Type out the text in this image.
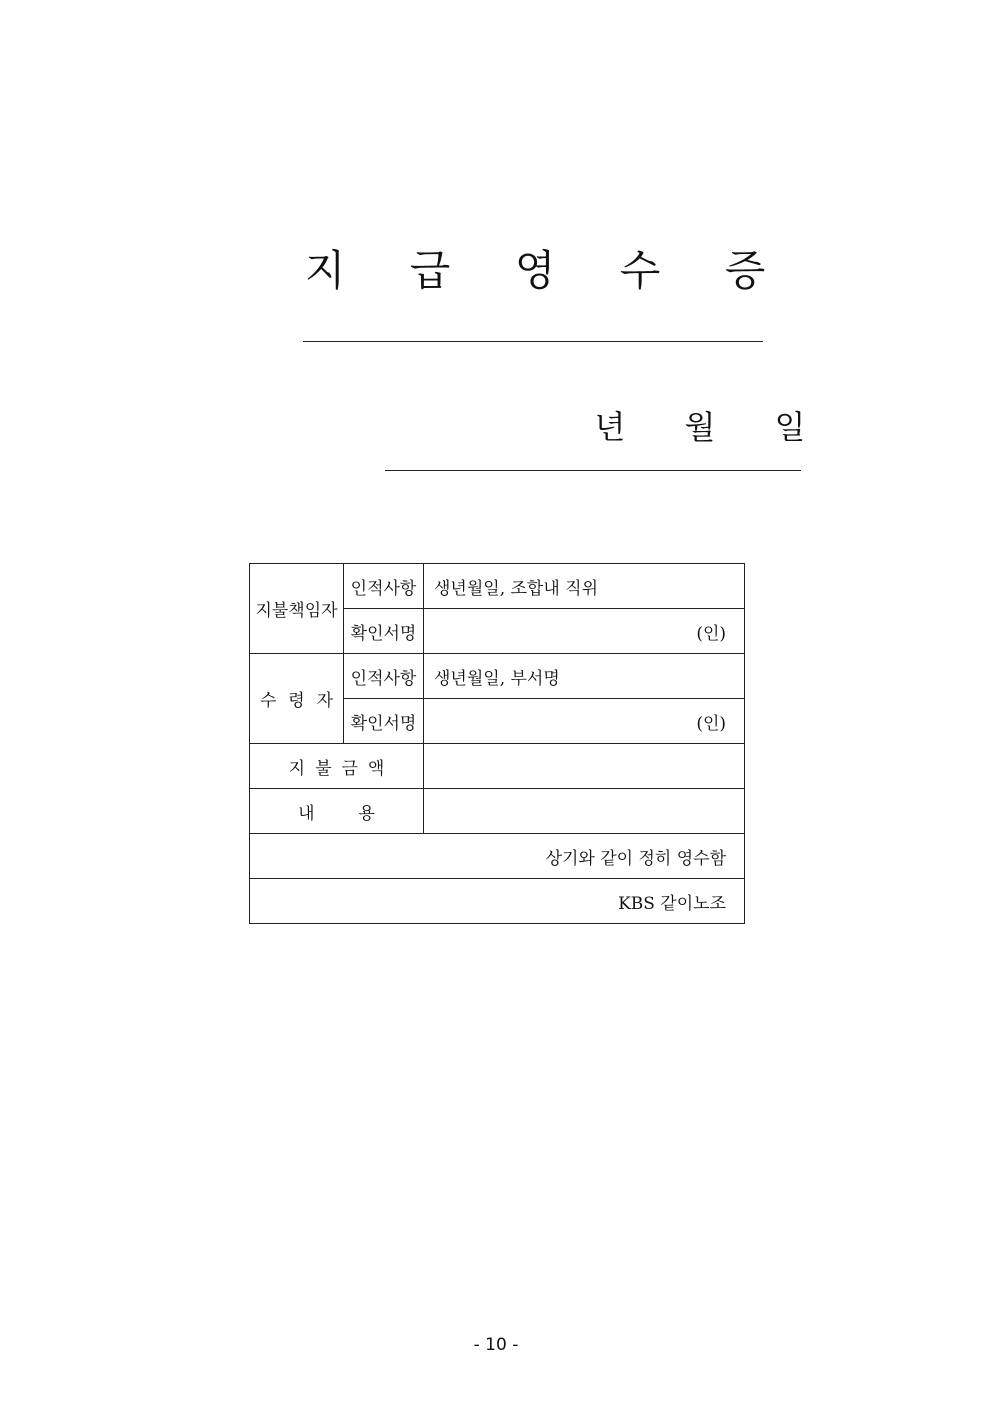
지 급 영 수 증
년 월 일
지불책임자	인적사항	생년월일, 조합내 직위
	확인서명	(인)

수 령 자	인적사항	생년월일, 부서명
	확인서명	(인)
지불금액		
내용		
상기와 같이 정히 영수함		
KBS 같이노조		
- 10 -
